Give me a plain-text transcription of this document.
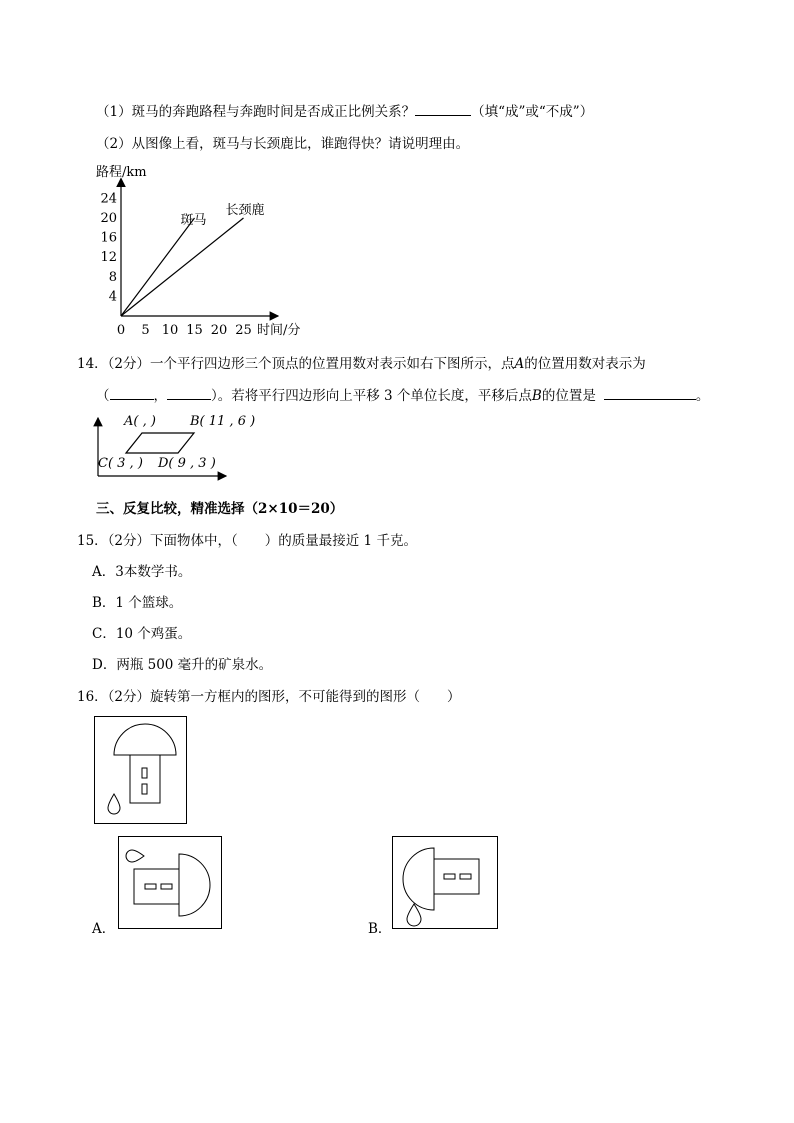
（1）斑马的奔跑路程与奔跑时间是否成正比例关系？	（填“成”或“不成”）
（2）从图像上看，斑马与长颈鹿比，谁跑得快？请说明理由。
路程/km
时间/分
24
20
16
12
8
4
0 5 10 15 20 25
斑马
长颈鹿
14．（2分）一个平行四边形三个顶点的位置用数对表示如右下图所示，点A的位置用数对表示为
（	，	）。若将平行四边形向上平移 3 个单位长度，平移后点B的位置是	。
A( , )	B( 11 , 6 )
C( 3 , ) D( 9 , 3 )
三、反复比较，精准选择（2×10＝20）
15．（2分）下面物体中，（　　）的质量最接近 1 千克。
A．3本数学书。
B．1 个篮球。
C．10 个鸡蛋。
D．两瓶 500 毫升的矿泉水。
16．（2分）旋转第一方框内的图形，不可能得到的图形（　　）
A．	B．
